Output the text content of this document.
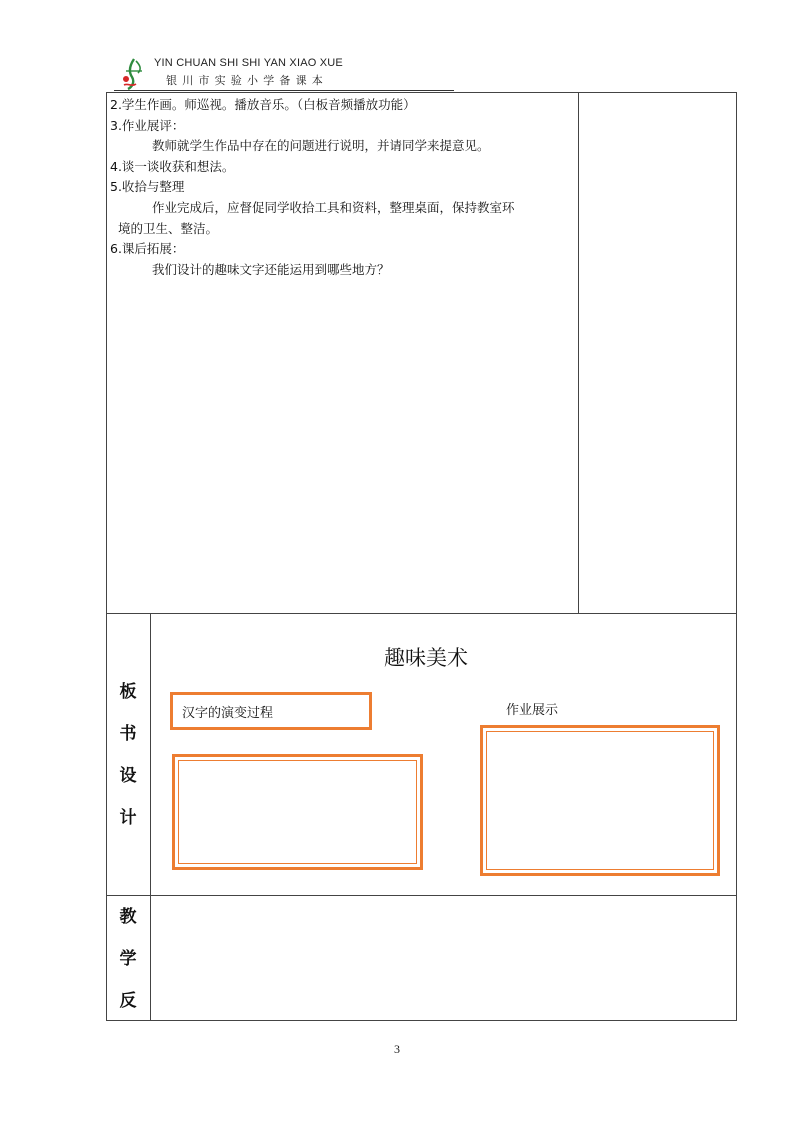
YIN CHUAN SHI SHI YAN XIAO XUE
银川市实验小学备课本
2.学生作画。师巡视。播放音乐。（白板音频播放功能）
3.作业展评：
教师就学生作品中存在的问题进行说明，并请同学来提意见。
4.谈一谈收获和想法。
5.收拾与整理
作业完成后，应督促同学收拾工具和资料，整理桌面，保持教室环
境的卫生、整洁。
6.课后拓展：
我们设计的趣味文字还能运用到哪些地方？
板
书
设
计
趣味美术
汉字的演变过程	作业展示
教
学
反
3
